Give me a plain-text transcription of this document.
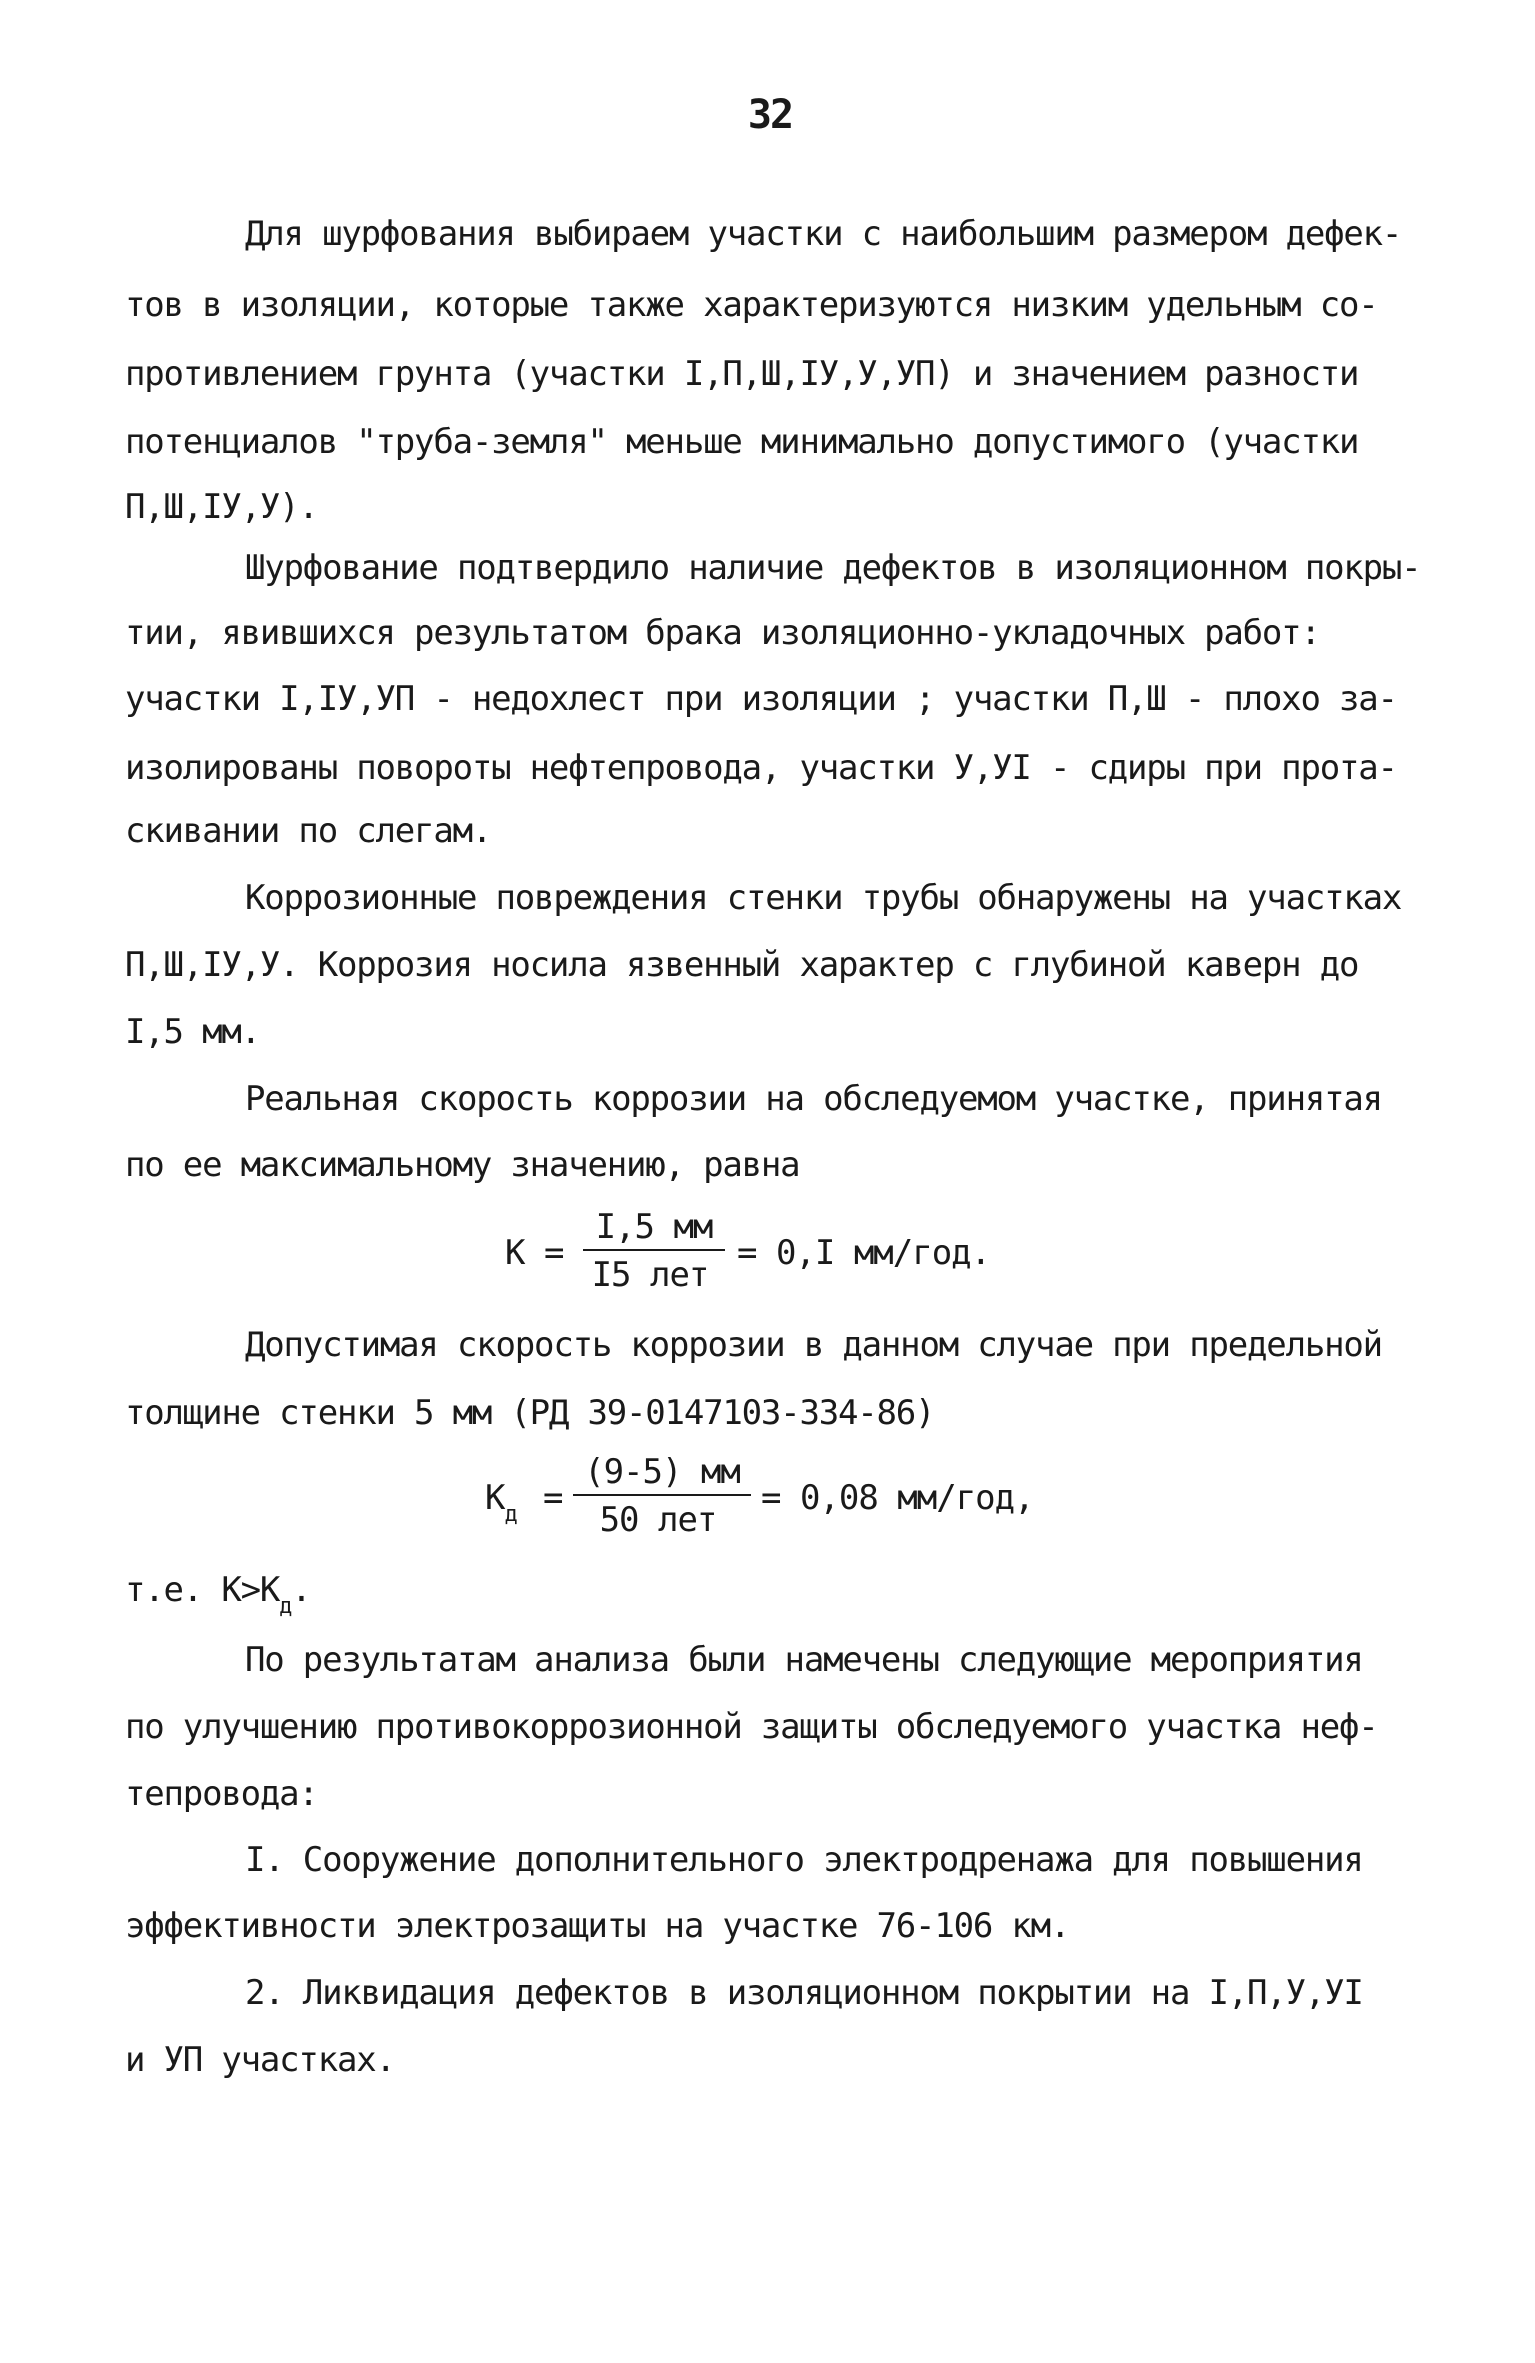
32
Для шурфования выбираем участки с наибольшим размером дефек-
тов в изоляции, которые также характеризуются низким удельным со-
противлением грунта (участки I,П,Ш,IУ,У,УП) и значением разности
потенциалов "труба-земля" меньше минимально допустимого (участки
П,Ш,IУ,У).
Шурфование подтвердило наличие дефектов в изоляционном покры-
тии, явившихся результатом брака изоляционно-укладочных работ:
участки I,IУ,УП - недохлест при изоляции ; участки П,Ш - плохо за-
изолированы повороты нефтепровода, участки У,УI - сдиры при прота-
скивании по слегам.
Коррозионные повреждения стенки трубы обнаружены на участках
П,Ш,IУ,У. Коррозия носила язвенный характер с глубиной каверн до
I,5 мм.
Реальная скорость коррозии на обследуемом участке, принятая
по ее максимальному значению, равна
К =
I,5 мм
I5 лет
= 0,I мм/год.
Допустимая скорость коррозии в данном случае при предельной
толщине стенки 5 мм (РД 39-0147103-334-86)
$К_д$ =
(9-5) мм
50 лет
= 0,08 мм/год,
т.е. $К>К_д$.
По результатам анализа были намечены следующие мероприятия
по улучшению противокоррозионной защиты обследуемого участка неф-
тепровода:
I. Сооружение дополнительного электродренажа для повышения
эффективности электрозащиты на участке 76-106 км.
2. Ликвидация дефектов в изоляционном покрытии на I,П,У,УI
и УП участках.
